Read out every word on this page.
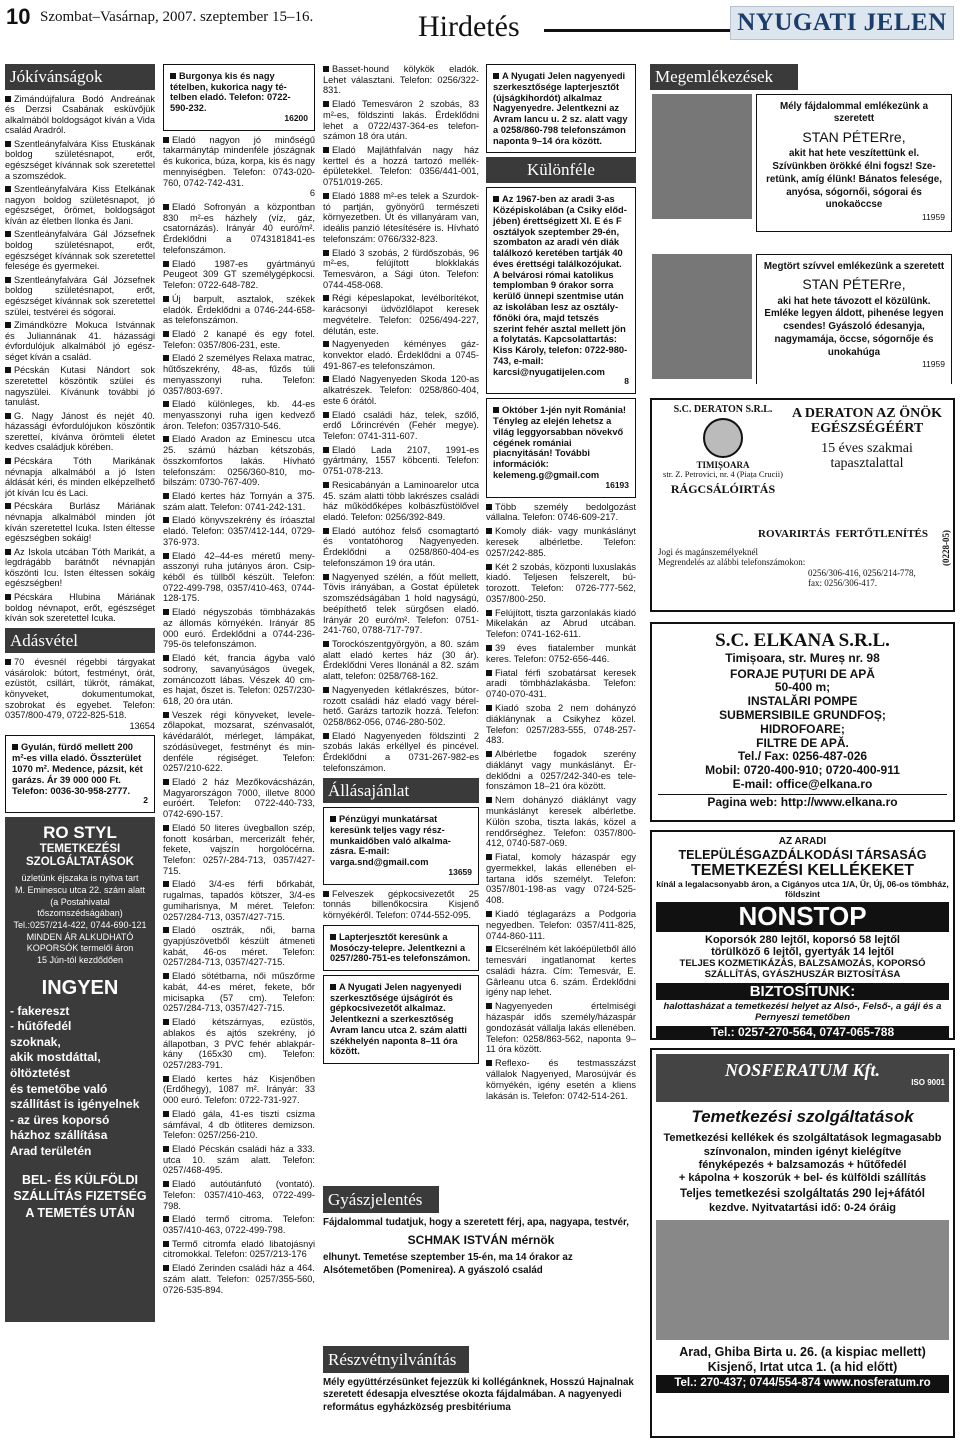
10 Szombat–Vasárnap, 2007. szeptember 15–16.	Hirdetés	NYUGATI JELEN
Jókívánságok
Zimándújfalura Bodó Andreának és Derzsi Csabának esküvőjük alkalmából boldogságot kíván a Vida család Aradról.
Szentleányfalvára Kiss Etuskának boldog születésnapot, erőt, egészséget kívánnak sok szeretettel a szomszédok.
Szentleányfalvára Kiss Etelkának nagyon boldog születésnapot, jó egészséget, örömet, boldogságot kíván az életben Ilonka és Jani.
Szentleányfalvára Gál Józsefnek boldog születésnapot, erőt, egészséget kívánnak sok szeretettel felesége és gyermekei.
Szentleányfalvára Gál Józsefnek boldog születésnapot, erőt, egészséget kívánnak sok szeretettel szülei, testvérei és sógorai.
Zimándközre Mokuca Istvánnak és Juliannának 41. házassági évfordulójuk alkalmából jó egészséget kíván a család.
Pécskán Kutasi Nándort sok szeretettel köszöntik szülei és nagyszülei. Kívánunk további jó tanulást.
G. Nagy Jánost és nejét 40. házassági évfordulójukon köszöntik szeretteí, kívánva örömteli életet kedves családjuk körében.
Pécskára Tóth Marikának névnapja alkalmából a jó Isten áldását kéri, és minden elképzelhető jót kíván Icu és Laci.
Pécskára Burlász Máriának névnapja alkalmából minden jót kíván szeretettel Icuka. Isten éltesse egészségben sokáig!
Az Iskola utcában Tóth Marikát, a legdrágább barátnőt névnapján köszönti Icu. Isten éltessen sokáig egészségben!
Pécskára Hlubina Máriának boldog névnapot, erőt, egészséget kíván sok szeretettel Icuka.
Adásvétel
70 évesnél régebbi tárgyakat vásárolok: bútort, festményt, órát, ezüstöt, csillárt, tükröt, rámákat, könyveket, dokumentumokat, szobrokat és egyebet. Telefon: 0357/800-479, 0722-825-518.
13654
Gyulán, fürdő mellett 200 m²-es villa eladó. Összterület 1070 m². Medence, pázsit, két garázs. Ár 39 000 000 Ft. Telefon: 0036-30-958-2777.
2
RO STYL
TEMETKEZÉSI SZOLGÁLTATÁSOK
üzletünk éjszaka is nyitva tart
M. Eminescu utca 22. szám alatt
(a Postahivatal
tőszomszédságában)
Tel.:0257/214-422, 0744-690-121
MINDEN ÁR ALKUDHATÓ
KOPORSÓK termelői áron
15 Jún-tól kezdődően
INGYEN
- fakereszt
- hűtőfedél
szoknak,
akik mostdáttal,
öltöztetést
és temetőbe való
szállítást is igényelnek
- az üres koporsó
házhoz szállítása
Arad területén
BEL- ÉS KÜLFÖLDI SZÁLLÍTÁS FIZETSÉG A TEMETÉS UTÁN
Burgonya kis és nagy tételben, kukorica nagy tételben eladó. Telefon: 0722-590-232.
16200
Eladó nagyon jó minőségű takarmánytáp mindenféle jószágnak és kukorica, búza, korpa, kis és nagy mennyiségben. Telefon: 0743-020-760, 0742-742-431.
6
Eladó Sofronyán a központban 830 m²-es házhely (víz, gáz, csatornázás). Irányár 40 euró/m². Érdeklődni a 0743181841-es telefonszámon.
Eladó 1987-es gyártmányú Peugeot 309 GT személygépkocsi. Telefon: 0722-648-782.
Új barpult, asztalok, székek eladók. Érdeklődni a 0746-244-658-as telefonszámon.
Eladó 2 kanapé és egy fotel. Telefon: 0357/806-231, este.
Eladó 2 személyes Relaxa matrac, hűtőszekrény, 48-as, fűzős túli menyasszonyi ruha. Telefon: 0357/803-697.
Eladó különleges, kb. 44-es menyasszonyi ruha igen kedvező áron. Telefon: 0357/310-546.
Eladó Aradon az Eminescu utca 25. számú házban kétszobás, összkomfortos lakás. Hívható telefonszám: 0256/360-810, mobilszám: 0730-767-409.
Eladó kertes ház Tornyán a 375. szám alatt. Telefon: 0741-242-131.
Eladó könyvszekrény és íróasztal eladó. Telefon: 0357/412-144, 0729-376-973.
Eladó 42–44-es méretű menyasszonyi ruha jutányos áron. Csipkéből és tüllből készült. Telefon: 0722-499-798, 0357/410-463, 0744-128-175.
Eladó négyszobás tömbházakás az állomás környékén. Irányár 85 000 euró. Érdeklődni a 0744-236-795-ös telefonszámon.
Eladó két, francia ágyba való sodrony, savanyúságos üvegek, zománcozott lábas. Vészek 40 cm-es hajat, őszet is. Telefon: 0257/230-618, 20 óra után.
Veszek régi könyveket, levelezőlapokat, mozsarat, szénvasalót, kávédarálót, mérleget, lámpákat, szódásüveget, festményt és mindenféle régiséget. Telefon: 0257/210-622.
Eladó 2 ház Mezőkovácsházán, Magyarországon 7000, illetve 8000 euróért. Telefon: 0722-440-733, 0742-690-157.
Eladó 50 literes üvegballon szép, fonott kosárban, mercerizált fehér, fekete, vajszín horgolócérna. Telefon: 0257/-284-713, 0357/427-715.
Eladó 3/4-es férfi bőrkabát, rugalmas, tapadós kötszer, 3/4-es gumiharisnya, M méret. Telefon: 0257/284-713, 0357/427-715.
Eladó osztrák, női, barna gyapjúszövetből készült átmeneti kabát, 46-os méret. Telefon: 0257/284-713, 0357/427-715.
Eladó sötétbarna, női műszőrme kabát, 44-es méret, fekete, bőr micisapka (57 cm). Telefon: 0257/284-713, 0357/427-715.
Eladó kétszárnyas, ezüstös, ablakos és ajtós szekrény, jó állapotban, 3 PVC fehér ablakpárkány (165x30 cm). Telefon: 0257/283-791.
Eladó kertes ház Kisjenőben (Erdőhegy), 1087 m². Irányár: 33 000 euró. Telefon: 0722-731-927.
Eladó gála, 41-es tiszti csizma sámfával, 4 db ötliteres demizson. Telefon: 0257/256-210.
Eladó Pécskán családi ház a 333. utca 10. szám alatt. Telefon: 0257/468-495.
Eladó autóutánfutó (vontató). Telefon: 0357/410-463, 0722-499-798.
Eladó termő citroma. Telefon: 0357/410-463, 0722-499-798.
Termő citromfa eladó libatojásnyi citromokkal. Telefon: 0257/213-176
Eladó Zerinden családi ház a 464. szám alatt. Telefon: 0257/355-560, 0726-535-894.
Basset-hound kölykök eladók. Lehet választani. Telefon: 0256/322-831.
Eladó Temesváron 2 szobás, 83 m²-es, földszinti lakás. Érdeklődni lehet a 0722/437-364-es telefonszámon 18 óra után.
Eladó Majláthfalván nagy ház kerttel és a hozzá tartozó melléképületekkel. Telefon: 0356/441-001, 0751/019-265.
Eladó 1888 m²-es telek a Szurdok-tó partján, gyönyörű természeti környezetben. Út és villanyáram van, ideális panzió létesítésére is. Hívható telefonszám: 0766/332-823.
Eladó 3 szobás, 2 fürdőszobás, 96 m²-es, felújított blokklakás Temesváron, a Sági úton. Telefon: 0744-458-068.
Régi képeslapokat, levélborítékot, karácsonyi üdvözlőlapot keresek megvételre. Telefon: 0256/494-227, délután, este.
Nagyenyeden kéményes gázkonvektor eladó. Érdeklődni a 0745-491-867-es telefonszámon.
Eladó Nagyenyeden Skoda 120-as alkatrészek. Telefon: 0258/860-404, este 6 órától.
Eladó családi ház, telek, szőlő, erdő Lőrincrévén (Fehér megye). Telefon: 0741-311-607.
Eladó Lada 2107, 1991-es gyártmány, 1557 köbcenti. Telefon: 0751-078-213.
Resicabányán a Laminoarelor utca 45. szám alatti több lakrészes családi ház működőképes kolbászfüstölővel eladó. Telefon: 0256/392-849.
Eladó autóhoz felső csomagtartó és vontatóhorog Nagyenyeden. Érdeklődni a 0258/860-404-es telefonszámon 19 óra után.
Nagyenyed szélén, a főút mellett, Tövis irányában, a Gostat épületek szomszédságában 1 hold nagyságú, beépíthető telek sürgősen eladó. Irányár 20 euró/m². Telefon: 0751-241-760, 0788-717-797.
Torockószentgyörgyön, a 80. szám alatt eladó kertes ház (30 ár). Érdeklődni Veres Ilonánál a 82. szám alatt, telefon: 0258/768-162.
Nagyenyeden kétlakrészes, bútorrozott családi ház eladó vagy bérelhető. Garázs tartozik hozzá. Telefon: 0258/862-056, 0746-280-502.
Eladó Nagyenyeden földszinti 2 szobás lakás erkéllyel és pincével. Érdeklődni a 0731-267-982-es telefonszámon.
Állásajánlat
Pénzügyi munkatársat keresünk teljes vagy részmunkaidőben való alkalmazásra. E-mail: varga.snd@gmail.com
13659
Felveszek gépkocsivezetőt 25 tonnás billenőkocsira Kisjenő környékéről. Telefon: 0744-552-095.
Lapterjesztőt keresünk a Mosóczy-telepre. Jelentkezni a 0257/280-751-es telefonszámon.
A Nyugati Jelen nagyenyedi szerkesztősége újságírót és gépkocsivezetőt alkalmaz. Jelentkezni a szerkesztőség Avram Iancu utca 2. szám alatti székhelyén naponta 8–11 óra között.
A Nyugati Jelen nagyenyedi szerkesztősége lapterjesztőt (újságkihordót) alkalmaz Nagyenyedre. Jelentkezni az Avram Iancu u. 2 sz. alatt vagy a 0258/860-798 telefonszámon naponta 9–14 óra között.
Különféle
Az 1967-ben az aradi 3-as Középiskolában (a Csiky elődjében) érettségizett XI. E és F osztályok szeptember 29-én, szombaton az aradi vén diák találkozó keretében tartják 40 éves érettségi találkozójukat. A belvárosi római katolikus templomban 9 órakor sorra kerülő ünnepi szentmise után az iskolában lesz az osztályfőnöki óra, majd tetszés szerint fehér asztal mellett jön a folytatás. Kapcsolattartás: Kiss Károly, telefon: 0722-980-743, e-mail: karcsi@nyugatijelen.com
8
Október 1-jén nyit Románia! Tényleg az elején lehetsz a világ leggyorsabban növekvő cégének romániai piacnyitásán! További információk: kelemeng.g@gmail.com
16193
Több személy bedolgozást vállalna. Telefon: 0746-609-217.
Komoly diák- vagy munkáslányt keresek albérletbe. Telefon: 0257/242-885.
Két 2 szobás, központi luxuslakás kiadó. Teljesen felszerelt, bútorozott. Telefon: 0726-777-562, 0357/800-250.
Felújított, tiszta garzonlakás kiadó Mikelakán az Abrud utcában. Telefon: 0741-162-611.
39 éves fiatalember munkát keres. Telefon: 0752-656-446.
Fiatal férfi szobatársat keresek aradi tömbházlakásba. Telefon: 0740-070-431.
Kiadó szoba 2 nem dohányzó diáklánynak a Csikyhez közel. Telefon: 0257/283-555, 0748-257-483.
Albérletbe fogadok szerény diáklányt vagy munkáslányt. Érdeklődni a 0257/242-340-es telefonszámon 18–21 óra között.
Nem dohányzó diáklányt vagy munkáslányt keresek albérletbe. Külön szoba, tiszta lakás, közel a rendőrséghez. Telefon: 0357/800-412, 0740-587-069.
Fiatal, komoly házaspár egy gyermekkel, lakás ellenében eltartana idős személyt. Telefon: 0357/801-198-as vagy 0724-525-408.
Kiadó téglagarázs a Podgoria negyedben. Telefon: 0357/411-825, 0744-860-111.
Elcserélném két lakóépületből álló temesvári ingatlanomat kertes családi házra. Cím: Temesvár, E. Gârleanu utca 6. szám. Érdeklődni igény nap lehet.
Nagyenyeden értelmiségi házaspár idős személy/házaspár gondozását vállalja lakás ellenében. Telefon: 0258/863-562, naponta 9–11 óra között.
Reflexo- és testmasszázst vállalok Nagyenyed, Marosújvár és környékén, igény esetén a kliens lakásán is. Telefon: 0742-514-261.
Megemlékezések
Mély fájdalommal emlékezünk a szeretett
STAN PÉTERre,
akit hat hete veszítettünk el. Szívünkben örökké élni fogsz! Szeretünk, amíg élünk! Bánatos felesége, anyósa, sógornői, sógorai és unokaöccse
11959
Megtört szívvel emlékezünk a szeretett
STAN PÉTERre,
aki hat hete távozott el közülünk. Emléke legyen áldott, pihenése legyen csendes! Gyászoló édesanyja, nagymamája, öccse, sógornője és unokahúga
11959
S.C. DERATON S.R.L.
TIMIȘOARA
str. Z. Petrovici, nr. 4 (Piața Crucii)
RÁGCSÁLÓIRTÁS
A DERATON AZ ÖNÖK EGÉSZSÉGÉÉRT
15 éves szakmai tapasztalattal
ROVARIRTÁS FERTŐTLENÍTÉS
Jogi és magánszemélyeknél
Megrendelés az alábbi telefonszámokon:
0256/306-416, 0256/214-778, fax: 0256/306-417.
(0228-05)
S.C. ELKANA S.R.L.
Timișoara, str. Mureș nr. 98
FORAJE PUȚURI DE APĂ
50-400 m;
INSTALĂRI POMPE
SUBMERSIBILE GRUNDFOȘ;
HIDROFOARE;
FILTRE DE APĂ.
Tel./ Fax: 0256-487-026
Mobil: 0720-400-910; 0720-400-911
E-mail: office@elkana.ro
Pagina web: http://www.elkana.ro
AZ ARADI
TELEPÜLÉSGAZDÁLKODÁSI TÁRSASÁG
TEMETKEZÉSI KELLÉKEKET
kínál a legalacsonyabb áron, a Cigányos utca 1/A, Űr, Új, 06-os tömbház, földszint
NONSTOP
Koporsók 280 lejtől, koporsó 58 lejtől
törülköző 6 lejtől, gyertyák 14 lejtől
TELJES KOZMETIKÁZÁS, BALZSAMOZÁS, KOPORSÓ SZÁLLÍTÁS, GYÁSZHUSZÁR BIZTOSÍTÁSA
BIZTOSÍTUNK:
halottasházat a temetkezési helyet az Alsó-, Felső-, a gáji és a Pernyeszi temetőben
Tel.: 0257-270-564, 0747-065-788
NOSFERATUM Kft.
ISO 9001
Temetkezési szolgáltatások
Temetkezési kellékek és szolgáltatások legmagasabb színvonalon, minden igényt kielégítve
fényképezés + balzsamozás + hűtőfedél
+ kápolna + koszorúk + bel- és külföldi szállítás
Teljes temetkezési szolgáltatás 290 lej+áfától
kezdve. Nyitvatartási idő: 0-24 óráig
Arad, Ghiba Birta u. 26. (a kispiac mellett)
Kisjenő, Irtat utca 1. (a hid előtt)
Tel.: 270-437; 0744/554-874 www.nosferatum.ro
Gyászjelentés
Fájdalommal tudatjuk, hogy a szeretett férj, apa, nagyapa, testvér,
SCHMAK ISTVÁN mérnök
elhunyt. Temetése szeptember 15-én, ma 14 órakor az Alsótemetőben (Pomenirea). A gyászoló család
Részvétnyilvánítás
Mély együttérzésünket fejezzük ki kollégánknek, Hosszú Hajnalnak szeretett édesapja elvesztése okozta fájdalmában. A nagyenyedi református egyházközség presbitériuma
